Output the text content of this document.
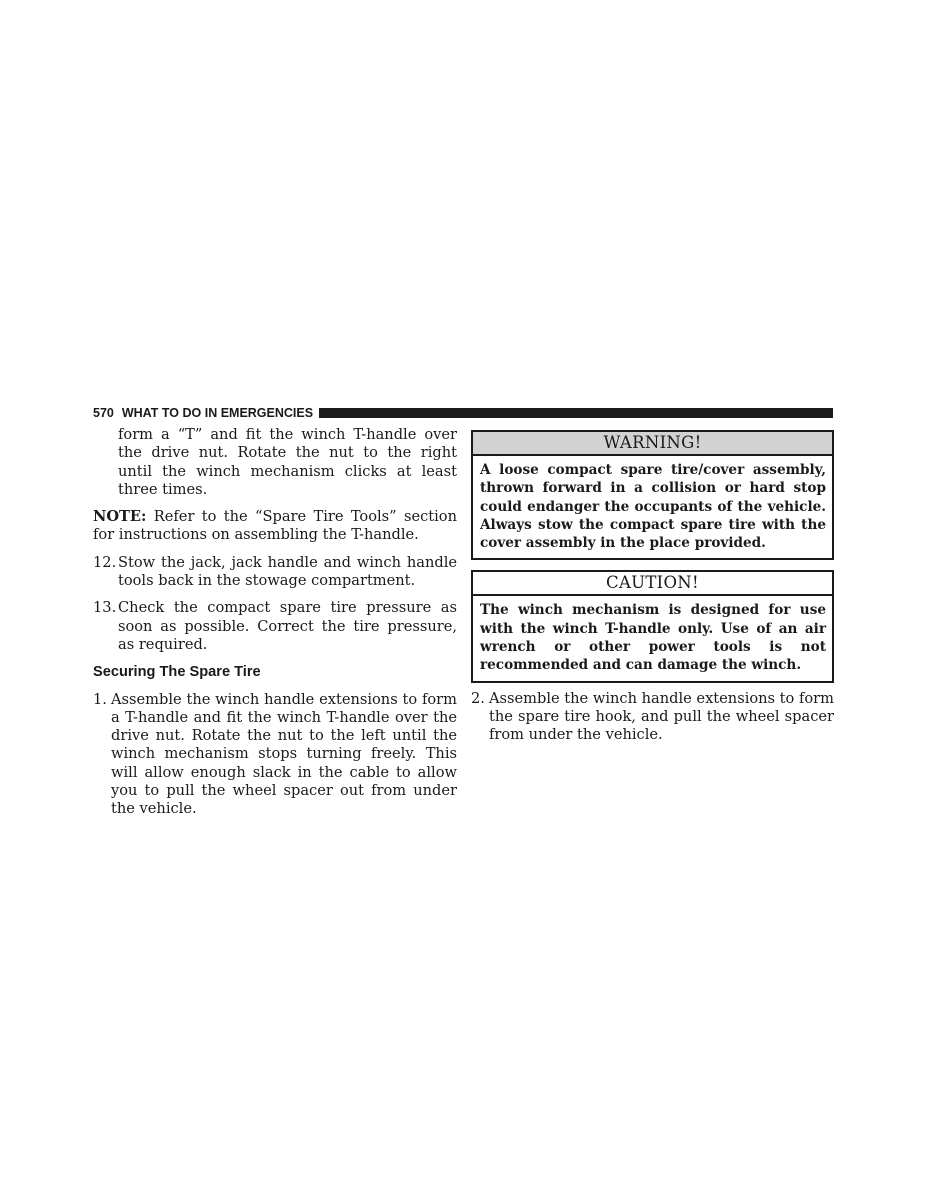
570 WHAT TO DO IN EMERGENCIES

form a “T” and fit the winch T-handle over the drive nut. Rotate the nut to the right until the winch mechanism clicks at least three times.

NOTE: Refer to the “Spare Tire Tools” section for instructions on assembling the T-handle.

12. Stow the jack, jack handle and winch handle tools back in the stowage compartment.
13. Check the compact spare tire pressure as soon as possible. Correct the tire pressure, as required.
Securing The Spare Tire
1. Assemble the winch handle extensions to form a T-handle and fit the winch T-handle over the drive nut. Rotate the nut to the left until the winch mechanism stops turning freely. This will allow enough slack in the cable to allow you to pull the wheel spacer out from under the vehicle.
WARNING!
A loose compact spare tire/cover assembly, thrown forward in a collision or hard stop could endanger the occupants of the vehicle. Always stow the compact spare tire with the cover assembly in the place provided.
CAUTION!
The winch mechanism is designed for use with the winch T-handle only. Use of an air wrench or other power tools is not recommended and can damage the winch.
2. Assemble the winch handle extensions to form the spare tire hook, and pull the wheel spacer from under the vehicle.
